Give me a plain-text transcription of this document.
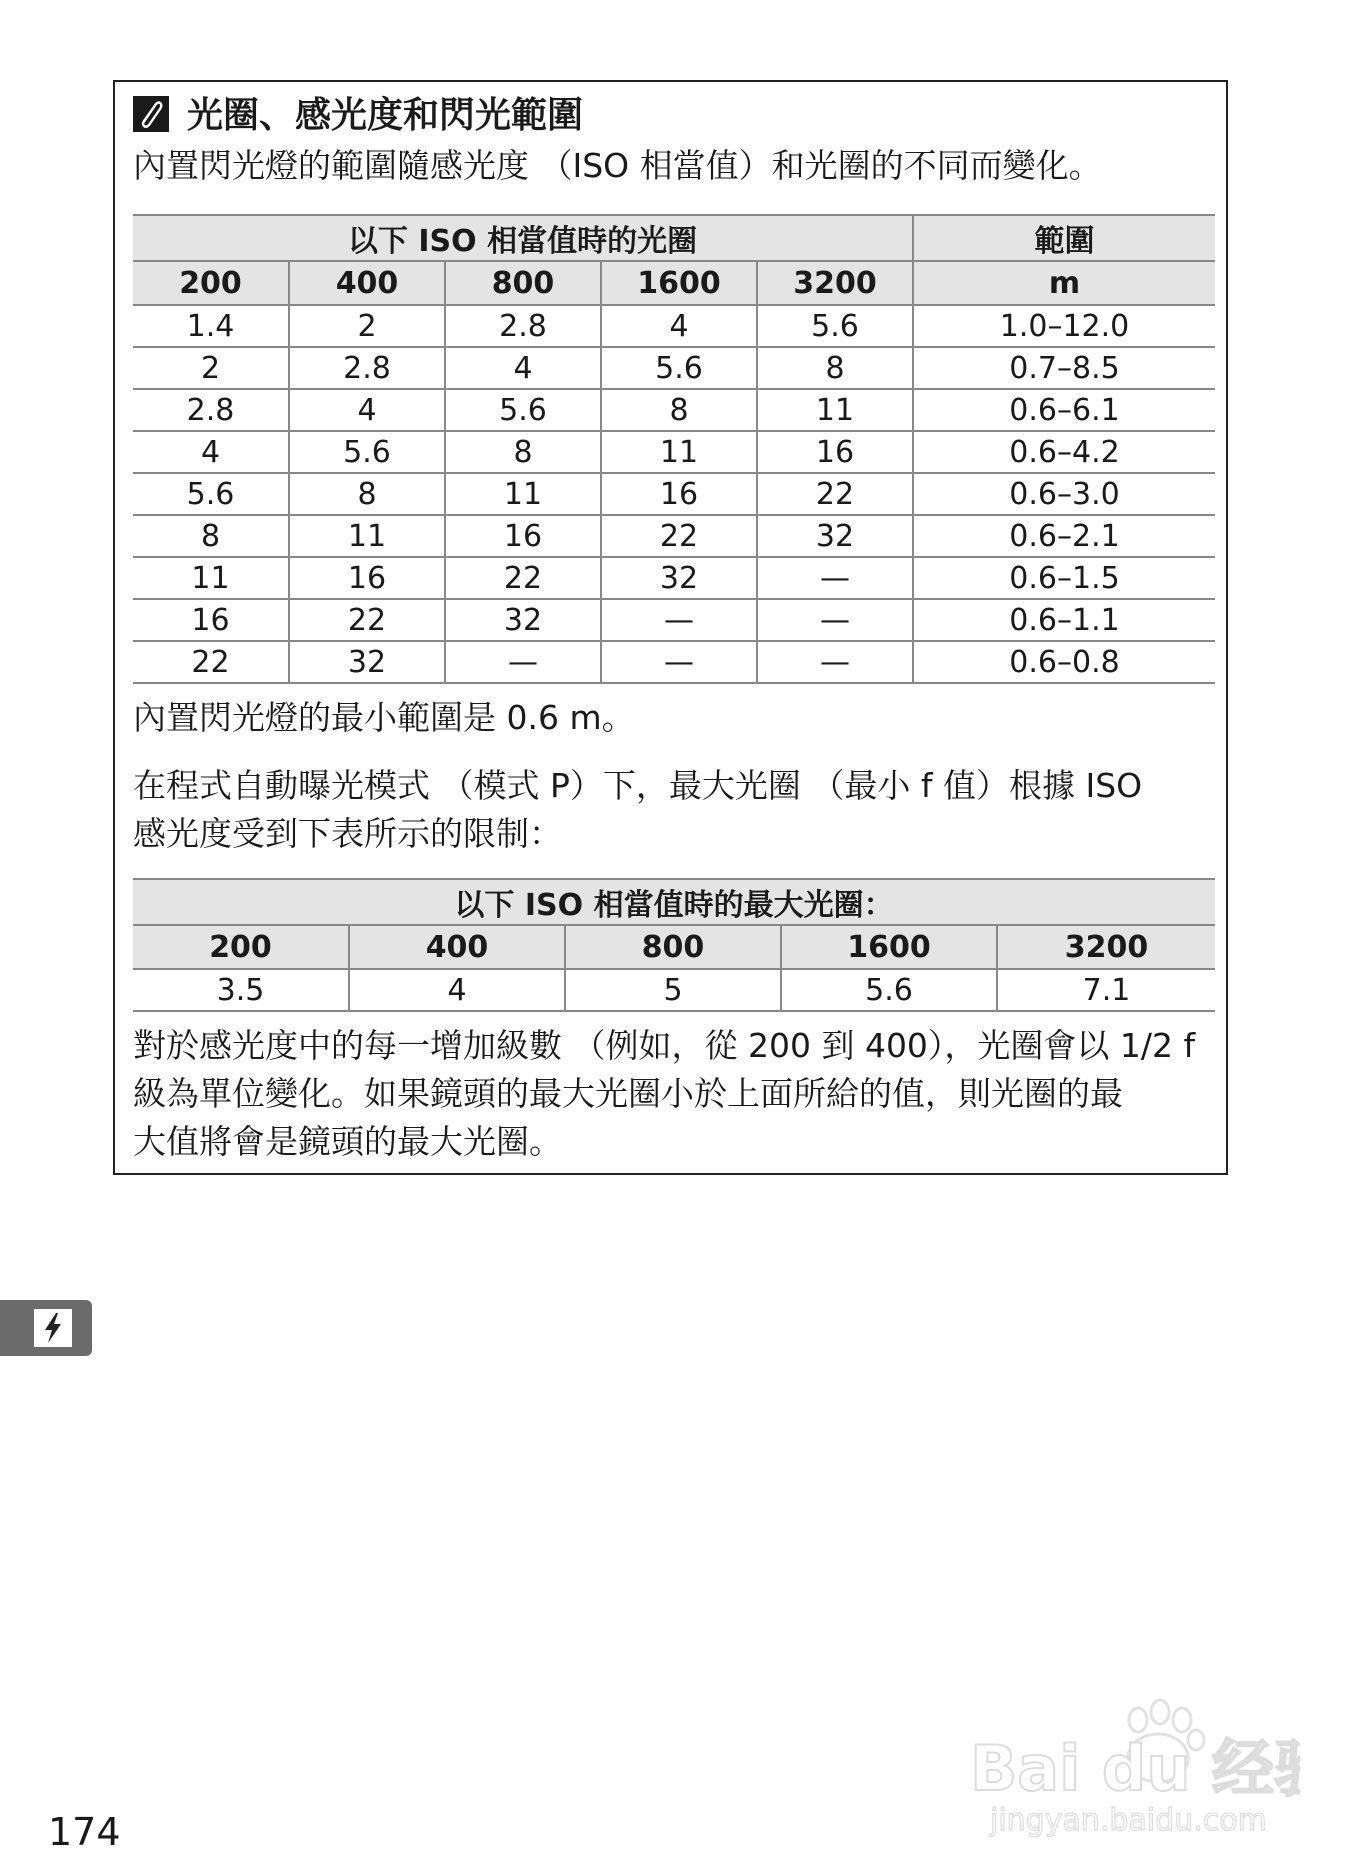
光圈、感光度和閃光範圍
內置閃光燈的範圍隨感光度 （ISO 相當值）和光圈的不同而變化。
以下 ISO 相當值時的光圈					範圍
200	400	800	1600	3200	m
1.4	2	2.8	4	5.6	1.0–12.0
2	2.8	4	5.6	8	0.7–8.5
2.8	4	5.6	8	11	0.6–6.1
4	5.6	8	11	16	0.6–4.2
5.6	8	11	16	22	0.6–3.0
8	11	16	22	32	0.6–2.1
11	16	22	32	—	0.6–1.5
16	22	32	—	—	0.6–1.1
22	32	—	—	—	0.6–0.8
內置閃光燈的最小範圍是 0.6 m。
在程式自動曝光模式 （模式 P）下，最大光圈 （最小 f 值）根據 ISO
感光度受到下表所示的限制：
以下 ISO 相當值時的最大光圈：				
200	400	800	1600	3200
3.5	4	5	5.6	7.1
對於感光度中的每一增加級數 （例如，從 200 到 400），光圈會以 1/2 f
級為單位變化。如果鏡頭的最大光圈小於上面所給的值，則光圈的最
大值將會是鏡頭的最大光圈。
174
Bai du 经验
jingyan.baidu.com
